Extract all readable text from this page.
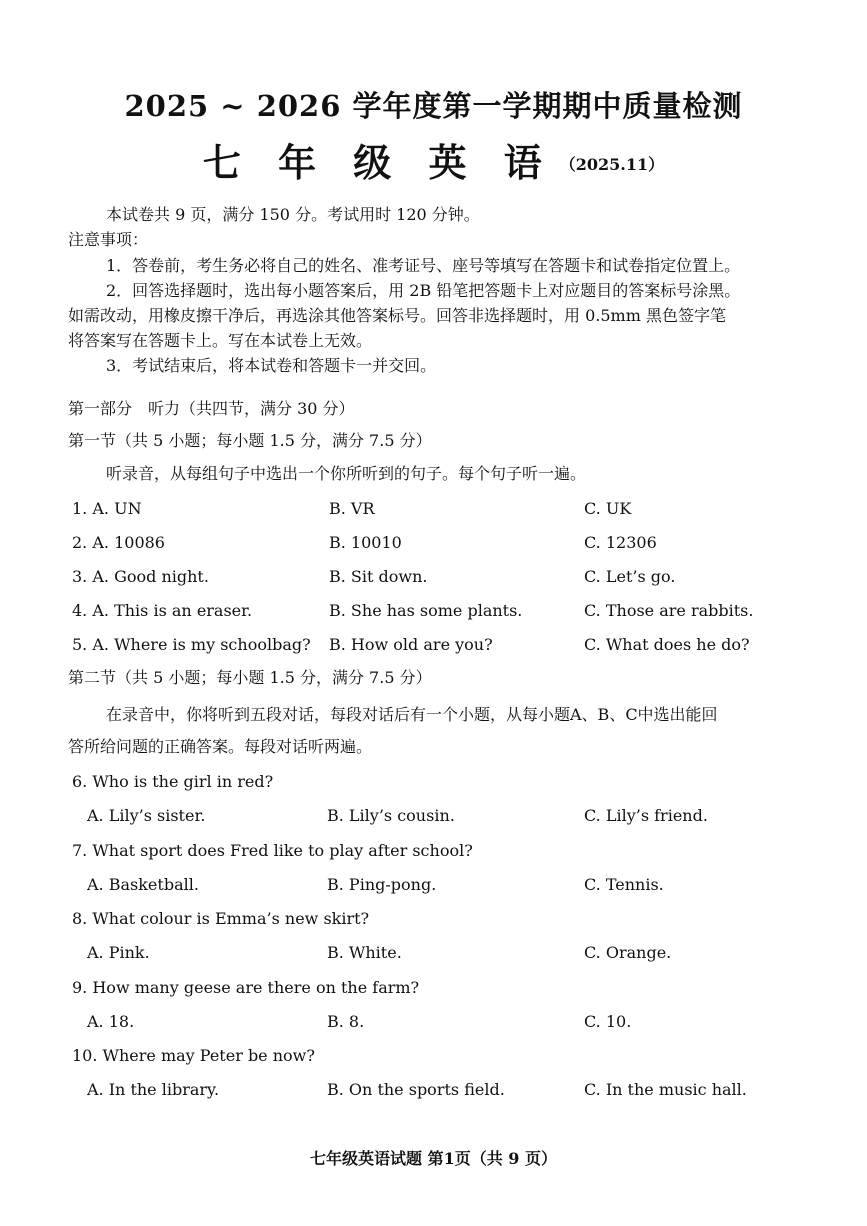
2025 ~ 2026 学年度第一学期期中质量检测
七 年 级 英 语 （2025.11）
本试卷共 9 页，满分 150 分。考试用时 120 分钟。
注意事项：
1．答卷前，考生务必将自己的姓名、准考证号、座号等填写在答题卡和试卷指定位置上。
2．回答选择题时，选出每小题答案后，用 2B 铅笔把答题卡上对应题目的答案标号涂黑。
如需改动，用橡皮擦干净后，再选涂其他答案标号。回答非选择题时，用 0.5mm 黑色签字笔
将答案写在答题卡上。写在本试卷上无效。
3．考试结束后，将本试卷和答题卡一并交回。
第一部分　听力（共四节，满分 30 分）
第一节（共 5 小题；每小题 1.5 分，满分 7.5 分）
听录音，从每组句子中选出一个你所听到的句子。每个句子听一遍。
1. A. UN	B. VR	C. UK
2. A. 10086	B. 10010	C. 12306
3. A. Good night.	B. Sit down.	C. Let’s go.
4. A. This is an eraser.	B. She has some plants.	C. Those are rabbits.
5. A. Where is my schoolbag? B. How old are you?	C. What does he do?
第二节（共 5 小题；每小题 1.5 分，满分 7.5 分）
在录音中，你将听到五段对话，每段对话后有一个小题，从每小题A、B、C中选出能回
答所给问题的正确答案。每段对话听两遍。
6. Who is the girl in red?
A. Lily’s sister.	B. Lily’s cousin.	C. Lily’s friend.
7. What sport does Fred like to play after school?
A. Basketball.	B. Ping-pong.	C. Tennis.
8. What colour is Emma’s new skirt?
A. Pink.	B. White.	C. Orange.
9. How many geese are there on the farm?
A. 18.	B. 8.	C. 10.
10. Where may Peter be now?
A. In the library.	B. On the sports field.	C. In the music hall.
七年级英语试题 第1页（共 9 页）
